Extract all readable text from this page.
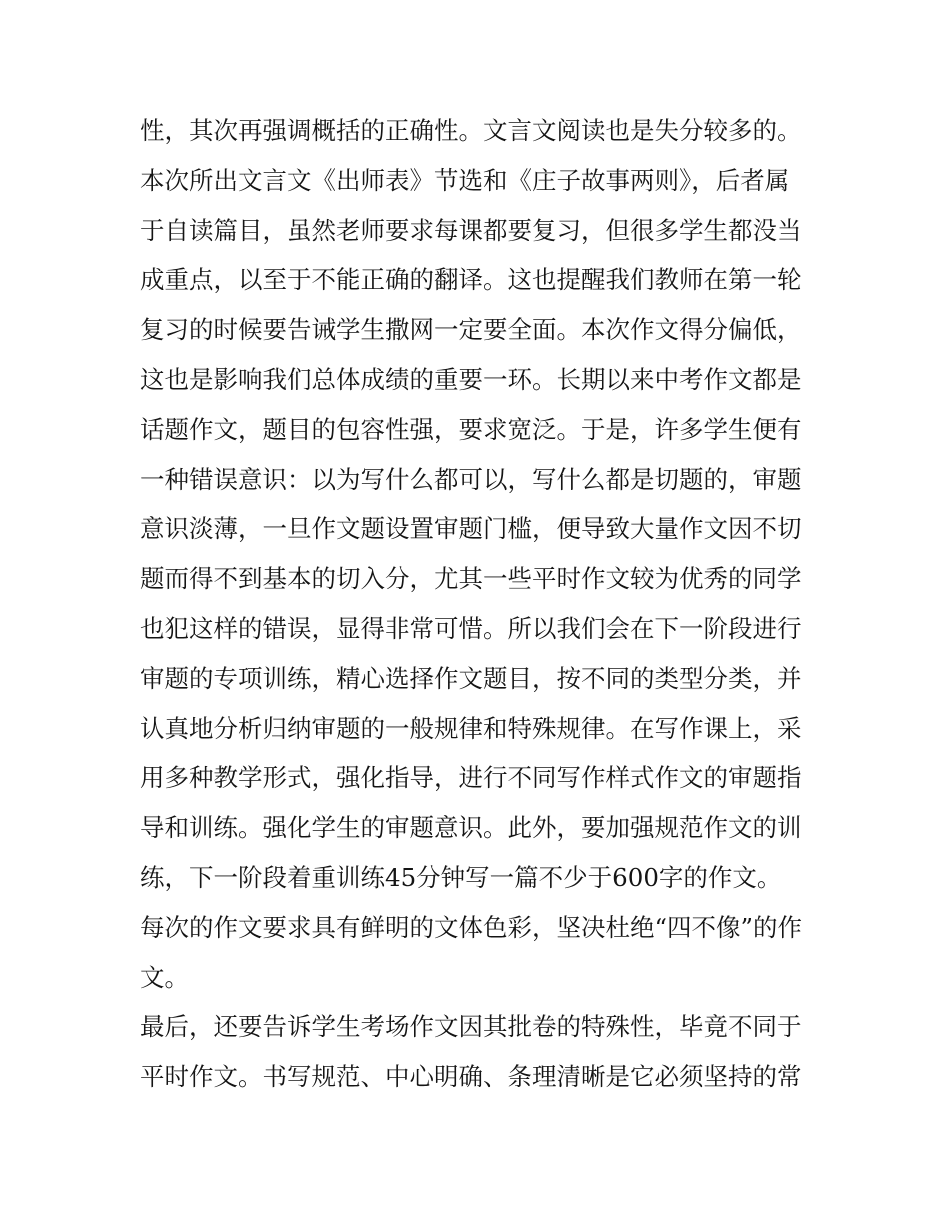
性，其次再强调概括的正确性。文言文阅读也是失分较多的。
本次所出文言文《出师表》节选和《庄子故事两则》，后者属
于自读篇目，虽然老师要求每课都要复习，但很多学生都没当
成重点，以至于不能正确的翻译。这也提醒我们教师在第一轮
复习的时候要告诫学生撒网一定要全面。本次作文得分偏低，
这也是影响我们总体成绩的重要一环。长期以来中考作文都是
话题作文，题目的包容性强，要求宽泛。于是，许多学生便有
一种错误意识：以为写什么都可以，写什么都是切题的，审题
意识淡薄，一旦作文题设置审题门槛，便导致大量作文因不切
题而得不到基本的切入分，尤其一些平时作文较为优秀的同学
也犯这样的错误，显得非常可惜。所以我们会在下一阶段进行
审题的专项训练，精心选择作文题目，按不同的类型分类，并
认真地分析归纳审题的一般规律和特殊规律。在写作课上，采
用多种教学形式，强化指导，进行不同写作样式作文的审题指
导和训练。强化学生的审题意识。此外，要加强规范作文的训
练，下一阶段着重训练45分钟写一篇不少于600字的作文。
每次的作文要求具有鲜明的文体色彩，坚决杜绝“四不像”的作
文。
最后，还要告诉学生考场作文因其批卷的特殊性，毕竟不同于
平时作文。书写规范、中心明确、条理清晰是它必须坚持的常
